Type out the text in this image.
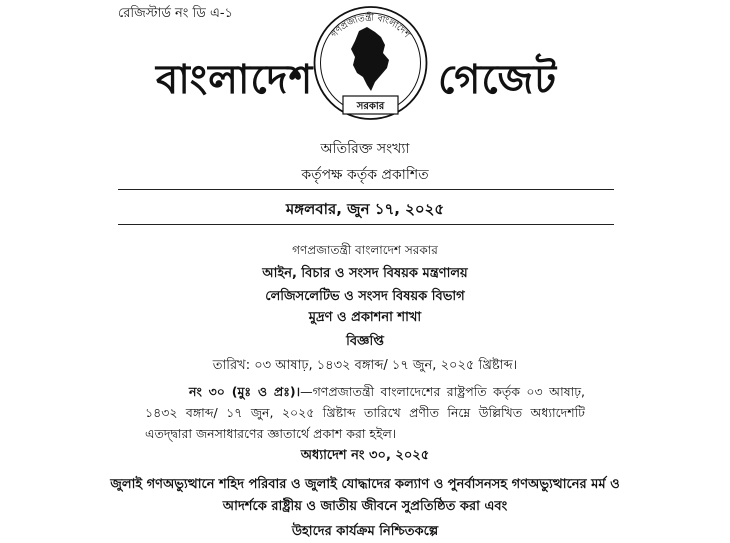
রেজিস্টার্ড নং ডি এ-১
বাংলাদেশ
গণপ্রজাতন্ত্রী বাংলাদেশ
সরকার
গেজেট
অতিরিক্ত সংখ্যা
কর্তৃপক্ষ কর্তৃক প্রকাশিত
মঙ্গলবার, জুন ১৭, ২০২৫
গণপ্রজাতন্ত্রী বাংলাদেশ সরকার
আইন, বিচার ও সংসদ বিষয়ক মন্ত্রণালয়
লেজিসলেটিভ ও সংসদ বিষয়ক বিভাগ
মুদ্রণ ও প্রকাশনা শাখা
বিজ্ঞপ্তি
তারিখ: ০৩ আষাঢ়, ১৪৩২ বঙ্গাব্দ/ ১৭ জুন, ২০২৫ খ্রিষ্টাব্দ।
নং ৩০ (মুঃ ও প্রঃ)।—গণপ্রজাতন্ত্রী বাংলাদেশের রাষ্ট্রপতি কর্তৃক ০৩ আষাঢ়, ১৪৩২ বঙ্গাব্দ/ ১৭ জুন, ২০২৫ খ্রিষ্টাব্দ তারিখে প্রণীত নিম্নে উল্লিখিত অধ্যাদেশটি এতদ্দ্বারা জনসাধারণের জ্ঞাতার্থে প্রকাশ করা হইল।
অধ্যাদেশ নং ৩০, ২০২৫
জুলাই গণঅভ্যুত্থানে শহিদ পরিবার ও জুলাই যোদ্ধাদের কল্যাণ ও পুনর্বাসনসহ গণঅভ্যুত্থানের মর্ম ও
আদর্শকে রাষ্ট্রীয় ও জাতীয় জীবনে সুপ্রতিষ্ঠিত করা এবং
উহাদের কার্যক্রম নিশ্চিতকল্পে
